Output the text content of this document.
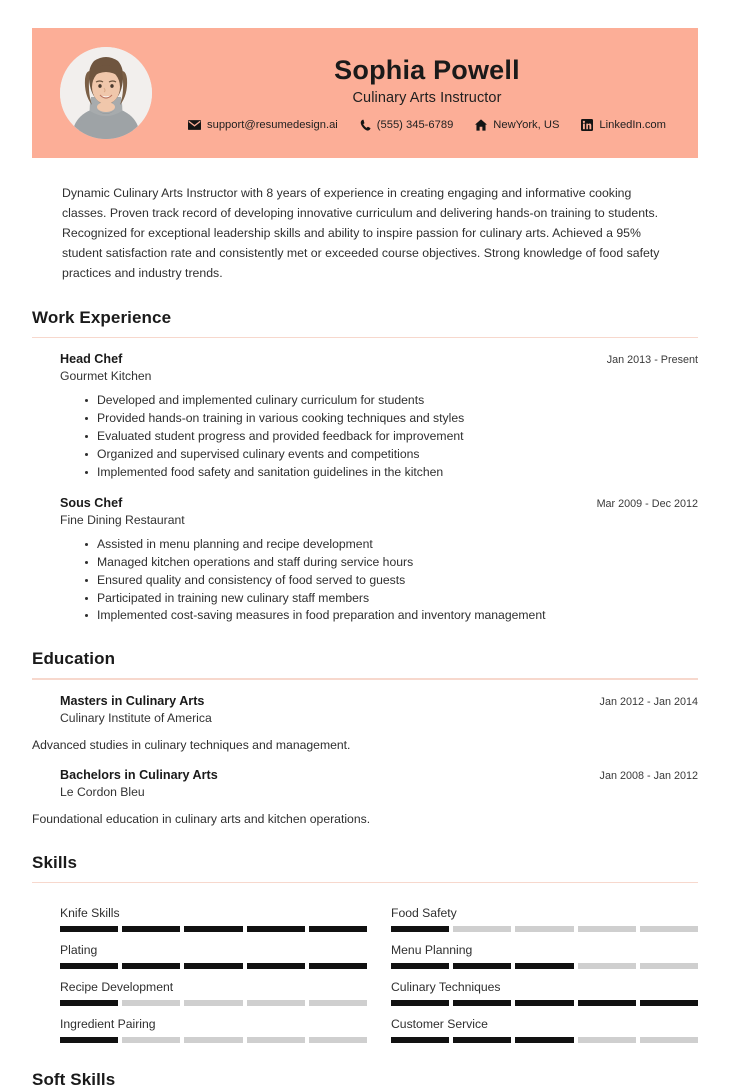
Sophia Powell
Culinary Arts Instructor
support@resumedesign.ai	(555) 345-6789	NewYork, US	LinkedIn.com
Dynamic Culinary Arts Instructor with 8 years of experience in creating engaging and informative cooking classes. Proven track record of developing innovative curriculum and delivering hands-on training to students. Recognized for exceptional leadership skills and ability to inspire passion for culinary arts. Achieved a 95% student satisfaction rate and consistently met or exceeded course objectives. Strong knowledge of food safety practices and industry trends.
Work Experience
Head Chef	Jan 2013 - Present
Gourmet Kitchen
Developed and implemented culinary curriculum for students
Provided hands-on training in various cooking techniques and styles
Evaluated student progress and provided feedback for improvement
Organized and supervised culinary events and competitions
Implemented food safety and sanitation guidelines in the kitchen
Sous Chef	Mar 2009 - Dec 2012
Fine Dining Restaurant
Assisted in menu planning and recipe development
Managed kitchen operations and staff during service hours
Ensured quality and consistency of food served to guests
Participated in training new culinary staff members
Implemented cost-saving measures in food preparation and inventory management
Education
Masters in Culinary Arts	Jan 2012 - Jan 2014
Culinary Institute of America
Advanced studies in culinary techniques and management.
Bachelors in Culinary Arts	Jan 2008 - Jan 2012
Le Cordon Bleu
Foundational education in culinary arts and kitchen operations.
Skills
Knife Skills	Food Safety
Plating	Menu Planning
Recipe Development	Culinary Techniques
Ingredient Pairing	Customer Service
Soft Skills
